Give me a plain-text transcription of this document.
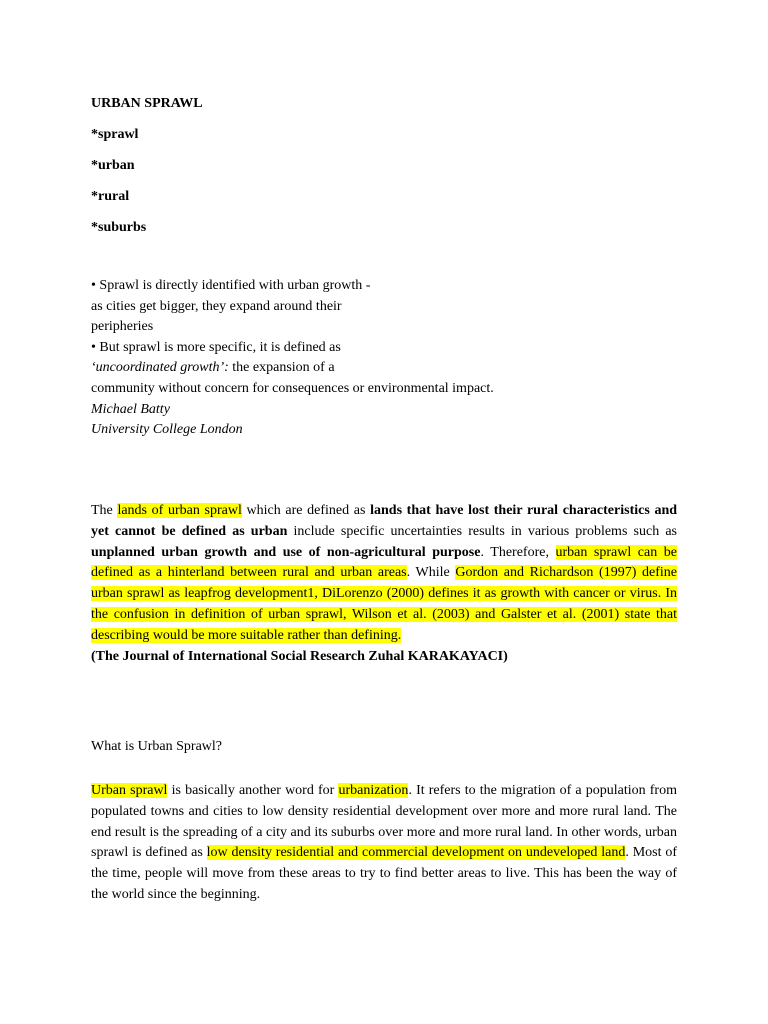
URBAN SPRAWL
*sprawl
*urban
*rural
*suburbs
• Sprawl is directly identified with urban growth -
as cities get bigger, they expand around their
peripheries
• But sprawl is more specific, it is defined as
‘uncoordinated growth’: the expansion of a
community without concern for consequences or environmental impact.
Michael Batty
University College London
The lands of urban sprawl which are defined as lands that have lost their rural characteristics and yet cannot be defined as urban include specific uncertainties results in various problems such as unplanned urban growth and use of non-agricultural purpose. Therefore, urban sprawl can be defined as a hinterland between rural and urban areas. While Gordon and Richardson (1997) define urban sprawl as leapfrog development1, DiLorenzo (2000) defines it as growth with cancer or virus. In the confusion in definition of urban sprawl, Wilson et al. (2003) and Galster et al. (2001) state that describing would be more suitable rather than defining.
(The Journal of International Social Research Zuhal KARAKAYACI)
What is Urban Sprawl?
Urban sprawl is basically another word for urbanization. It refers to the migration of a population from populated towns and cities to low density residential development over more and more rural land. The end result is the spreading of a city and its suburbs over more and more rural land. In other words, urban sprawl is defined as low density residential and commercial development on undeveloped land. Most of the time, people will move from these areas to try to find better areas to live. This has been the way of the world since the beginning.
